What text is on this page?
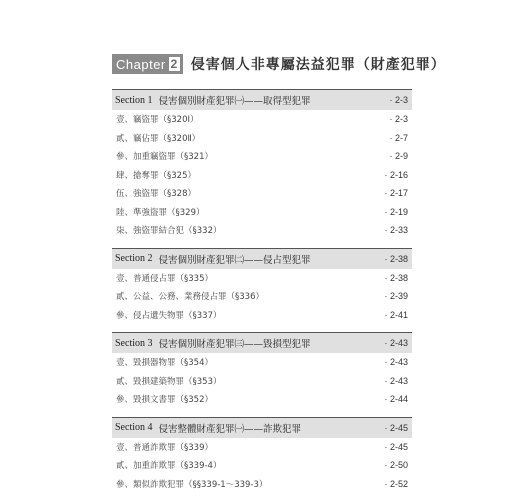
Chapter 2 侵害個人非專屬法益犯罪（財產犯罪）
Section 1 侵害個別財產犯罪㈠——取得型犯罪	· 2-3
壹、竊盜罪（§320Ⅰ）	· 2-3
貳、竊佔罪（§320Ⅱ）	· 2-7
參、加重竊盜罪（§321）	· 2-9
肆、搶奪罪（§325）	· 2-16
伍、強盜罪（§328）	· 2-17
陸、準強盜罪（§329）	· 2-19
柒、強盜罪結合犯（§332）	· 2-33
Section 2 侵害個別財產犯罪㈡——侵占型犯罪	· 2-38
壹、普通侵占罪（§335）	· 2-38
貳、公益、公務、業務侵占罪（§336）	· 2-39
參、侵占遺失物罪（§337）	· 2-41
Section 3 侵害個別財產犯罪㈢——毀損型犯罪	· 2-43
壹、毀損器物罪（§354）	· 2-43
貳、毀損建築物罪（§353）	· 2-43
參、毀損文書罪（§352）	· 2-44
Section 4 侵害整體財產犯罪㈠——詐欺犯罪	· 2-45
壹、普通詐欺罪（§339）	· 2-45
貳、加重詐欺罪（§339-4）	· 2-50
參、類似詐欺犯罪（§§339-1～339-3）	· 2-52
